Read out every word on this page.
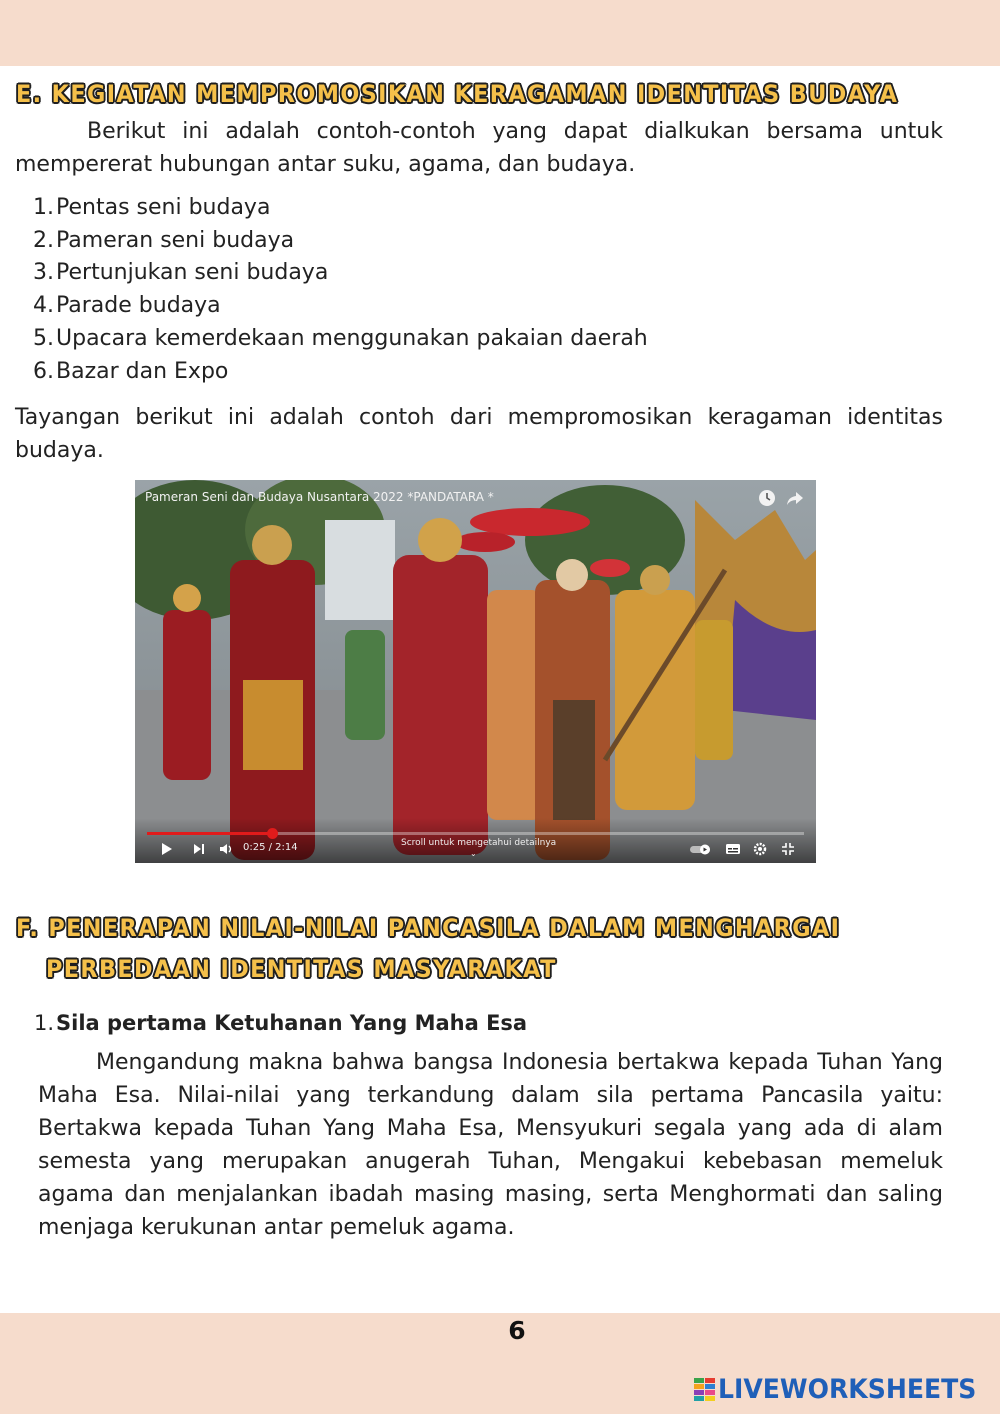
E. KEGIATAN MEMPROMOSIKAN KERAGAMAN IDENTITAS BUDAYA

Berikut ini adalah contoh-contoh yang dapat dialkukan bersama untuk mempererat hubungan antar suku, agama, dan budaya.

1. Pentas seni budaya
2. Pameran seni budaya
3. Pertunjukan seni budaya
4. Parade budaya
5. Upacara kemerdekaan menggunakan pakaian daerah
6. Bazar dan Expo

Tayangan berikut ini adalah contoh dari mempromosikan keragaman identitas budaya.

Pameran Seni dan Budaya Nusantara 2022 *PANDATARA *
0:25 / 2:14	Scroll untuk mengetahui detailnya
⌄
F. PENERAPAN NILAI-NILAI PANCASILA DALAM MENGHARGAI
PERBEDAAN IDENTITAS MASYARAKAT
1. Sila pertama Ketuhanan Yang Maha Esa

Mengandung makna bahwa bangsa Indonesia bertakwa kepada Tuhan Yang Maha Esa. Nilai-nilai yang terkandung dalam sila pertama Pancasila yaitu: Bertakwa kepada Tuhan Yang Maha Esa, Mensyukuri segala yang ada di alam semesta yang merupakan anugerah Tuhan, Mengakui kebebasan memeluk agama dan menjalankan ibadah masing masing, serta Menghormati dan saling menjaga kerukunan antar pemeluk agama.

6
LIVEWORKSHEETS
